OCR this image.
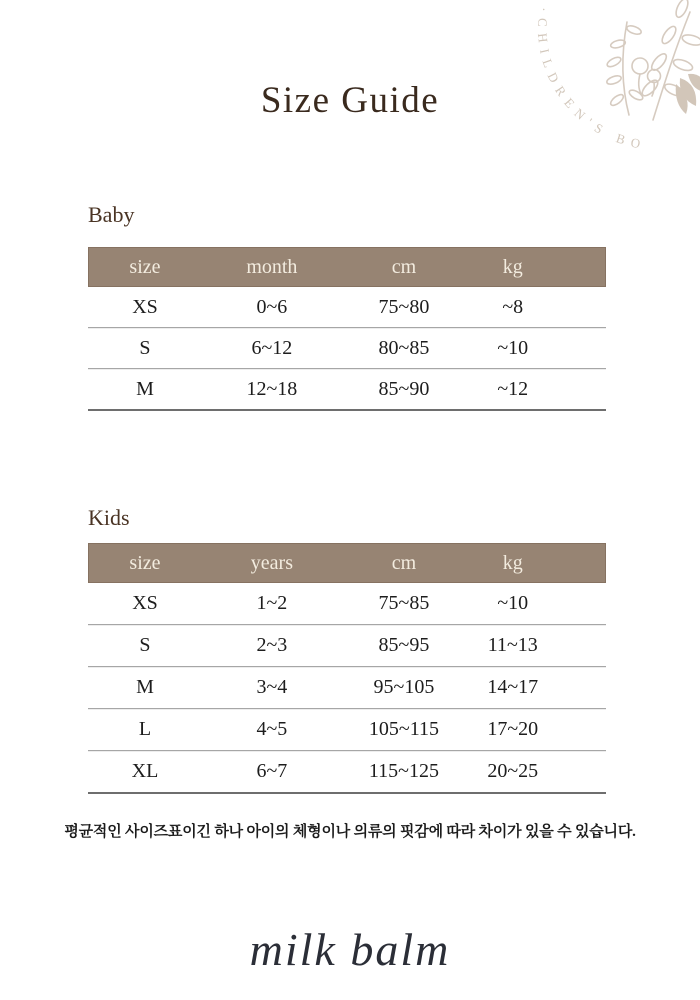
·CHILDREN'S BO
Size Guide
Baby
size	month	cm	kg
XS	0~6	75~80	~8
S	6~12	80~85	~10
M	12~18	85~90	~12
Kids
size	years	cm	kg
XS	1~2	75~85	~10
S	2~3	85~95	11~13
M	3~4	95~105	14~17
L	4~5	105~115	17~20
XL	6~7	115~125	20~25

평균적인 사이즈표이긴 하나 아이의 체형이나 의류의 핏감에 따라 차이가 있을 수 있습니다.

milk balm
